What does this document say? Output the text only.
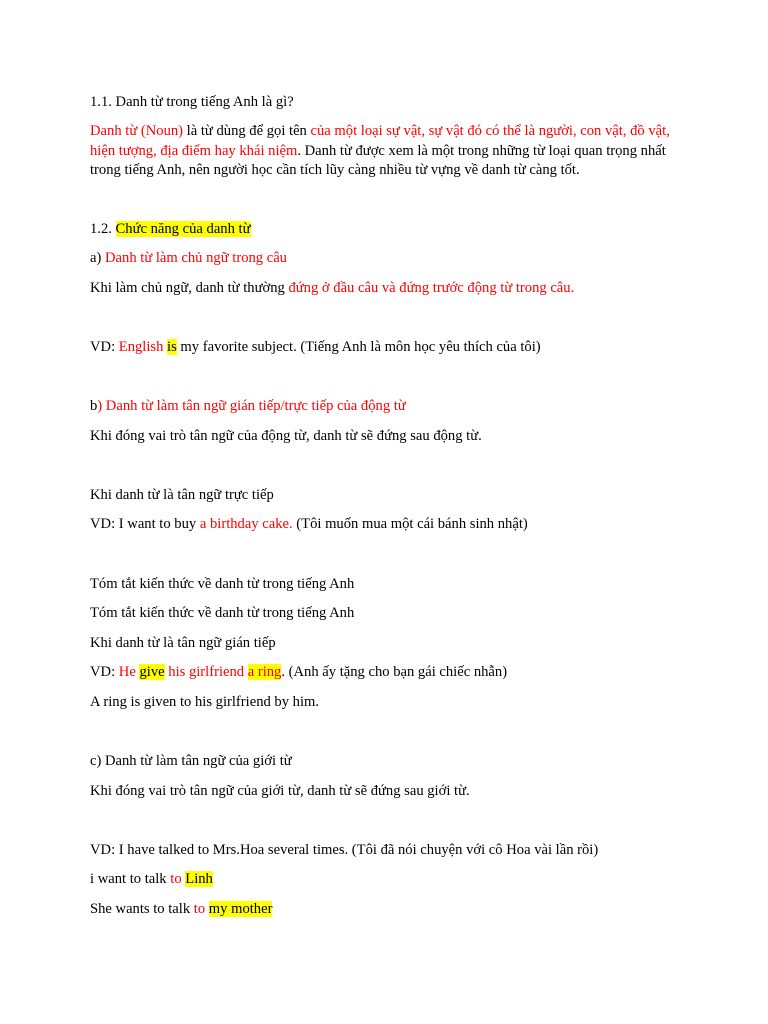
1.1. Danh từ trong tiếng Anh là gì?
Danh từ (Noun) là từ dùng để gọi tên của một loại sự vật, sự vật đó có thể là người, con vật, đồ vật, hiện tượng, địa điểm hay khái niệm. Danh từ được xem là một trong những từ loại quan trọng nhất trong tiếng Anh, nên người học cần tích lũy càng nhiều từ vựng về danh từ càng tốt.
1.2. Chức năng của danh từ
a) Danh từ làm chủ ngữ trong câu
Khi làm chủ ngữ, danh từ thường đứng ở đầu câu và đứng trước động từ trong câu.
VD: English is my favorite subject. (Tiếng Anh là môn học yêu thích của tôi)
b) Danh từ làm tân ngữ gián tiếp/trực tiếp của động từ
Khi đóng vai trò tân ngữ của động từ, danh từ sẽ đứng sau động từ.
Khi danh từ là tân ngữ trực tiếp
VD: I want to buy a birthday cake. (Tôi muốn mua một cái bánh sinh nhật)
Tóm tắt kiến thức về danh từ trong tiếng Anh
Tóm tắt kiến thức về danh từ trong tiếng Anh
Khi danh từ là tân ngữ gián tiếp
VD: He give his girlfriend a ring. (Anh ấy tặng cho bạn gái chiếc nhẫn)
A ring is given to his girlfriend by him.
c) Danh từ làm tân ngữ của giới từ
Khi đóng vai trò tân ngữ của giới từ, danh từ sẽ đứng sau giới từ.
VD: I have talked to Mrs.Hoa several times. (Tôi đã nói chuyện với cô Hoa vài lần rồi)
i want to talk to Linh
She wants to talk to my mother
